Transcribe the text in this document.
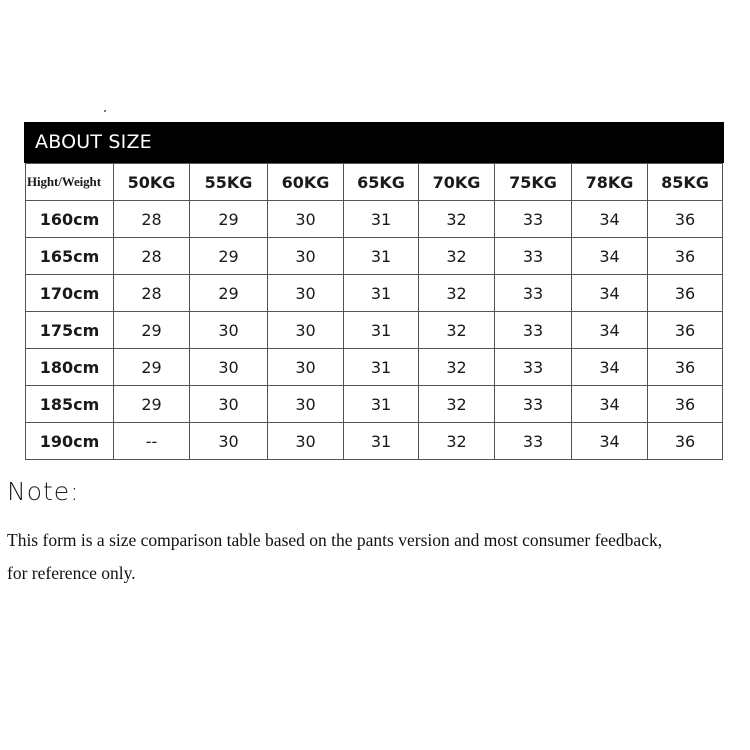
ABOUT SIZE
Hight/Weight	50KG	55KG	60KG	65KG	70KG	75KG	78KG	85KG
160cm	28	29	30	31	32	33	34	36
165cm	28	29	30	31	32	33	34	36
170cm	28	29	30	31	32	33	34	36
175cm	29	30	30	31	32	33	34	36
180cm	29	30	30	31	32	33	34	36
185cm	29	30	30	31	32	33	34	36
190cm	--	30	30	31	32	33	34	36
Note:
This form is a size comparison table based on the pants version and most consumer feedback,
for reference only.
